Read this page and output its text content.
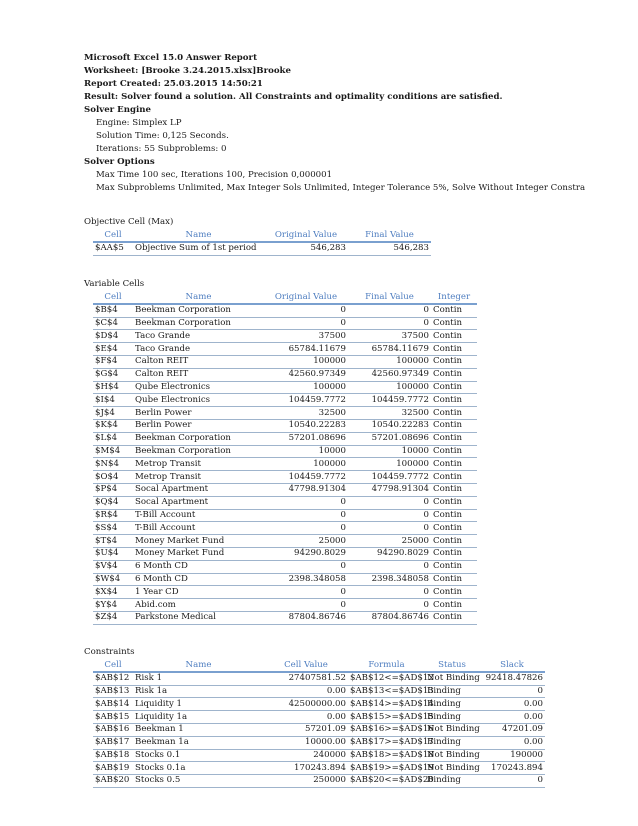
Microsoft Excel 15.0 Answer Report
Worksheet: [Brooke 3.24.2015.xlsx]Brooke
Report Created: 25.03.2015 14:50:21
Result: Solver found a solution. All Constraints and optimality conditions are satisfied.
Solver Engine
Engine: Simplex LP
Solution Time: 0,125 Seconds.
Iterations: 55 Subproblems: 0
Solver Options
Max Time 100 sec, Iterations 100, Precision 0,000001
Max Subproblems Unlimited, Max Integer Sols Unlimited, Integer Tolerance 5%, Solve Without Integer Constra
Objective Cell (Max)
Cell	Name	Original Value	Final Value
$AA$5	Objective Sum of 1st period	546,283	546,283
Variable Cells
Cell	Name	Original Value	Final Value	Integer
$B$4	Beekman Corporation	0	0	Contin
$C$4	Beekman Corporation	0	0	Contin
$D$4	Taco Grande	37500	37500	Contin
$E$4	Taco Grande	65784.11679	65784.11679	Contin
$F$4	Calton REIT	100000	100000	Contin
$G$4	Calton REIT	42560.97349	42560.97349	Contin
$H$4	Qube Electronics	100000	100000	Contin
$I$4	Qube Electronics	104459.7772	104459.7772	Contin
$J$4	Berlin Power	32500	32500	Contin
$K$4	Berlin Power	10540.22283	10540.22283	Contin
$L$4	Beekman Corporation	57201.08696	57201.08696	Contin
$M$4	Beekman Corporation	10000	10000	Contin
$N$4	Metrop Transit	100000	100000	Contin
$O$4	Metrop Transit	104459.7772	104459.7772	Contin
$P$4	Socal Apartment	47798.91304	47798.91304	Contin
$Q$4	Socal Apartment	0	0	Contin
$R$4	T-Bill Account	0	0	Contin
$S$4	T-Bill Account	0	0	Contin
$T$4	Money Market Fund	25000	25000	Contin
$U$4	Money Market Fund	94290.8029	94290.8029	Contin
$V$4	6 Month CD	0	0	Contin
$W$4	6 Month CD	2398.348058	2398.348058	Contin
$X$4	1 Year CD	0	0	Contin
$Y$4	Abid.com	0	0	Contin
$Z$4	Parkstone Medical	87804.86746	87804.86746	Contin
Constraints
Cell	Name	Cell Value	Formula	Status	Slack
$AB$12	Risk 1	27407581.52	$AB$12<=$AD$12	Not Binding	92418.47826
$AB$13	Risk 1a	0.00	$AB$13<=$AD$13	Binding	0
$AB$14	Liquidity 1	42500000.00	$AB$14>=$AD$14	Binding	0.00
$AB$15	Liquidity 1a	0.00	$AB$15>=$AD$15	Binding	0.00
$AB$16	Beekman 1	57201.09	$AB$16>=$AD$16	Not Binding	47201.09
$AB$17	Beekman 1a	10000.00	$AB$17>=$AD$17	Binding	0.00
$AB$18	Stocks 0.1	240000	$AB$18>=$AD$18	Not Binding	190000
$AB$19	Stocks 0.1a	170243.894	$AB$19>=$AD$19	Not Binding	170243.894
$AB$20	Stocks 0.5	250000	$AB$20<=$AD$20	Binding	0
